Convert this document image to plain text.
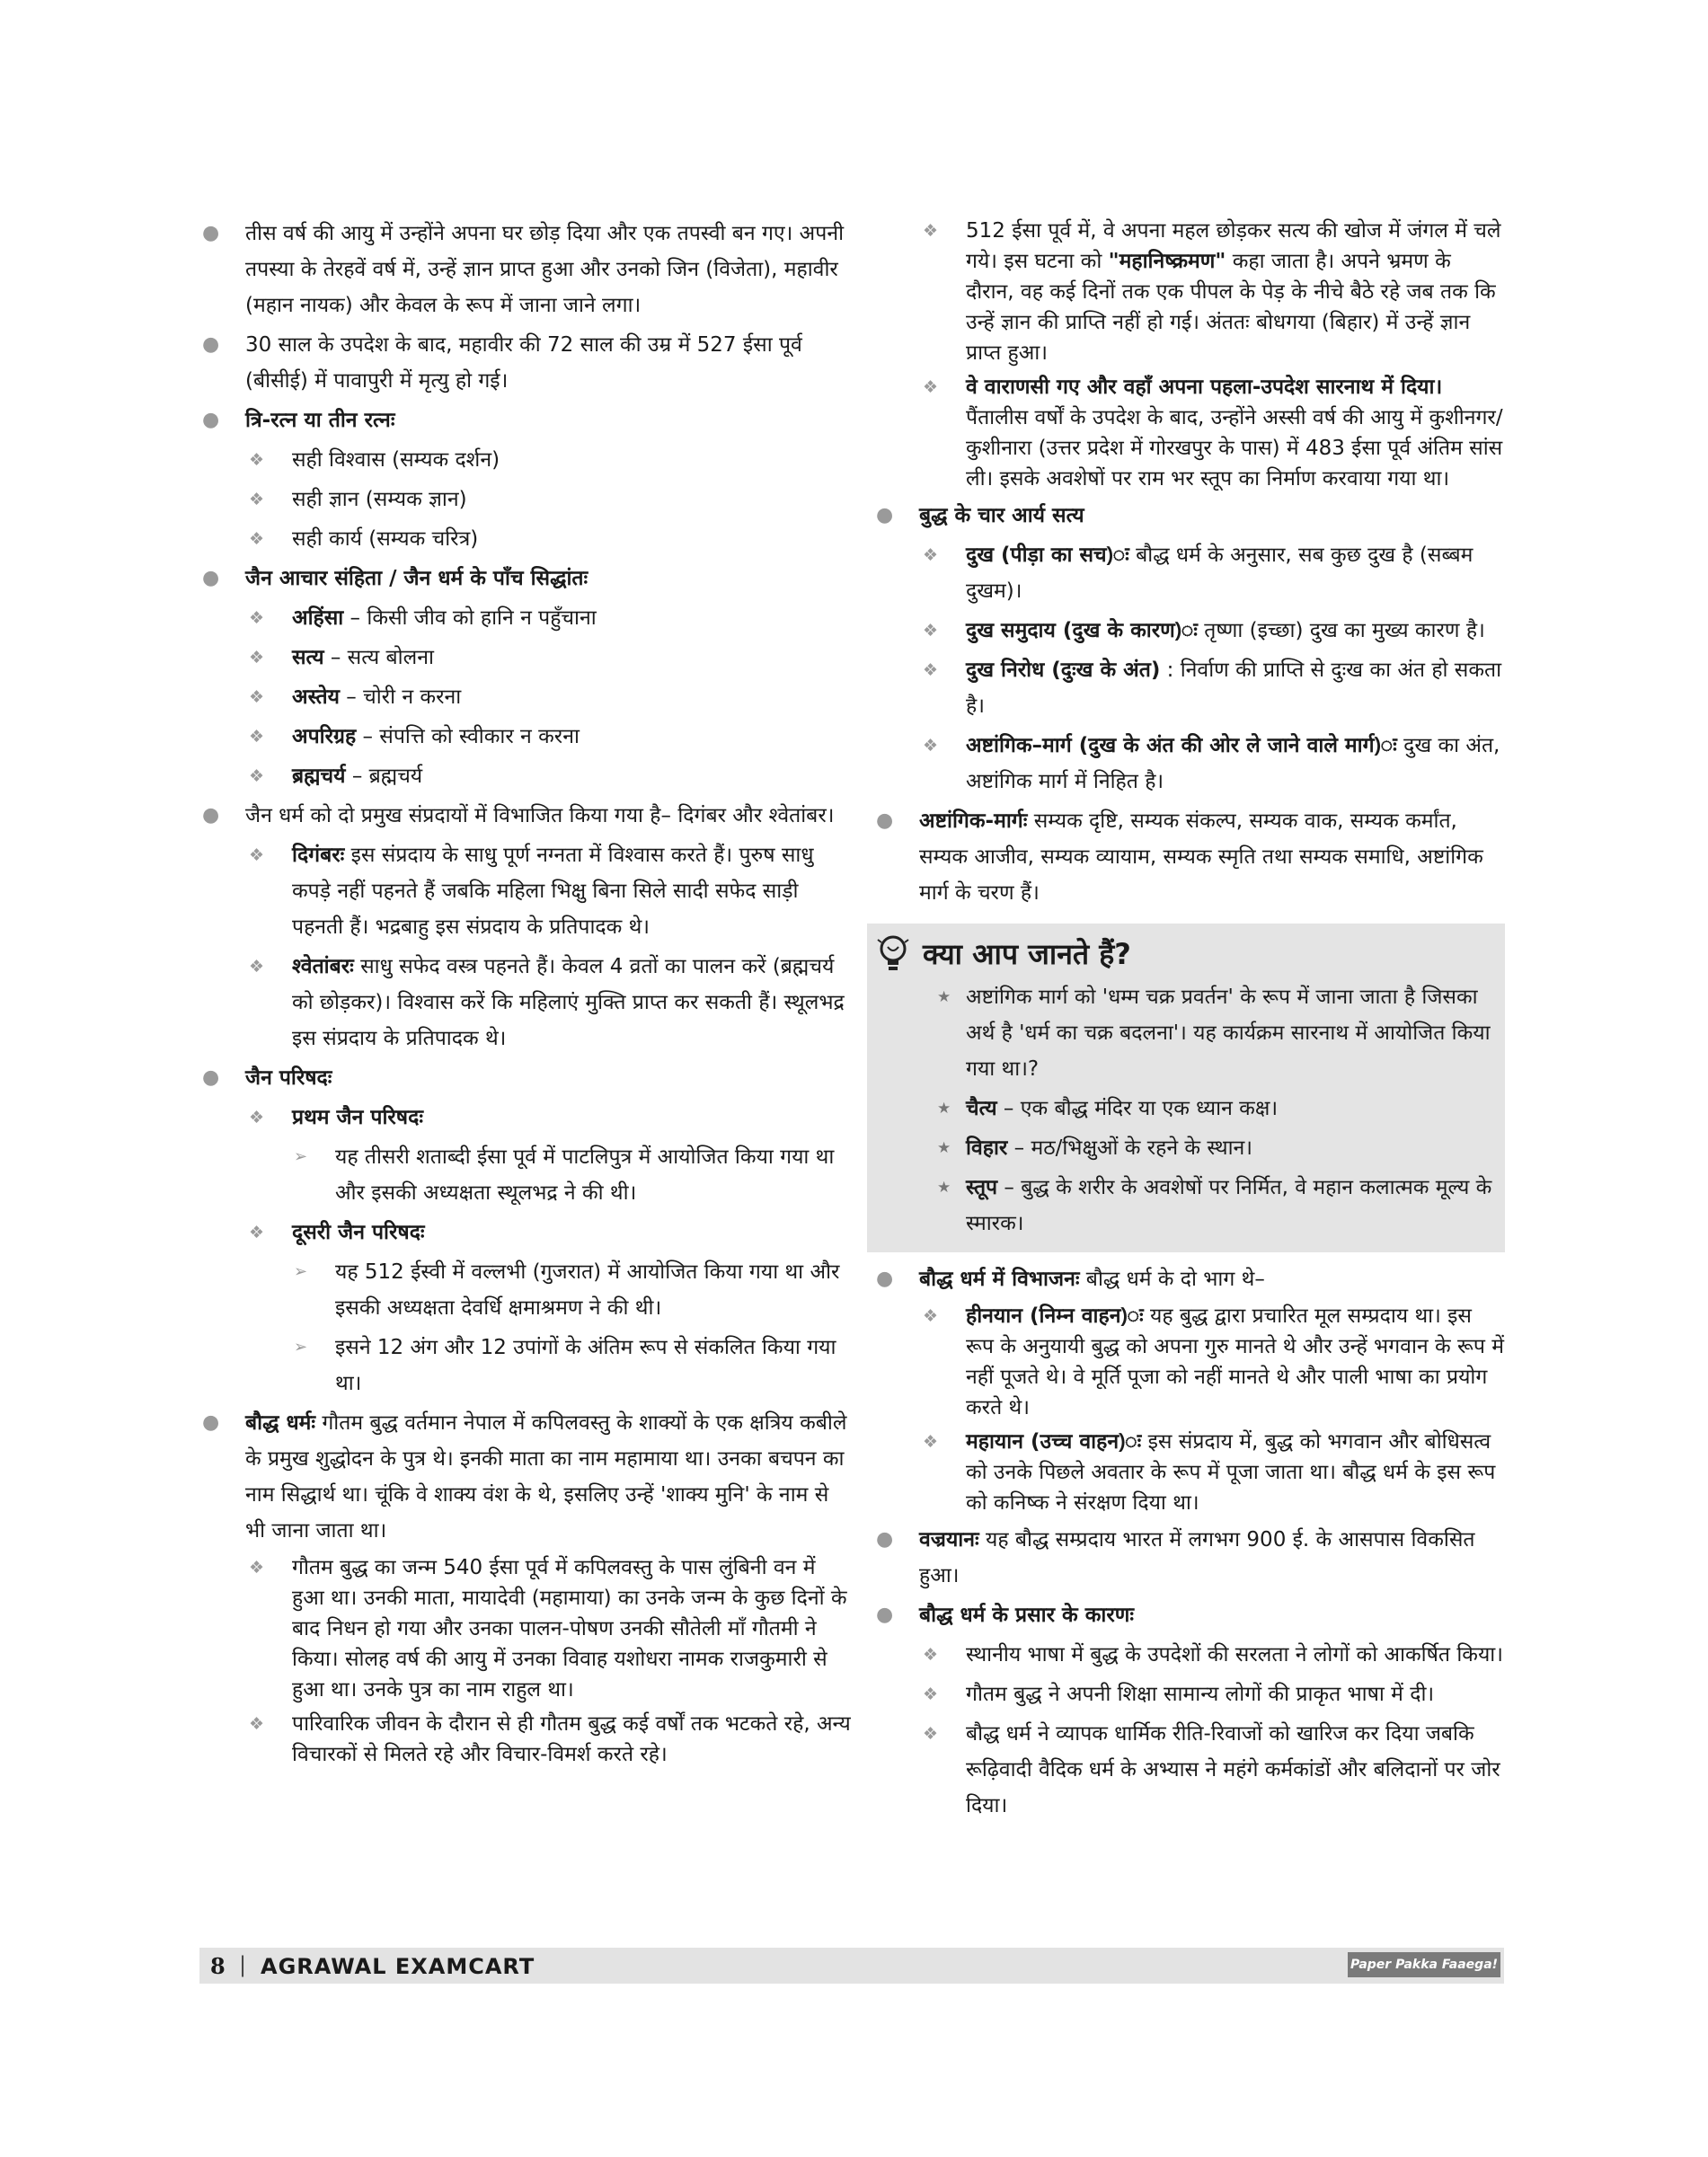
● तीस वर्ष की आयु में उन्होंने अपना घर छोड़ दिया और एक तपस्वी बन गए। अपनी तपस्या के तेरहवें वर्ष में, उन्हें ज्ञान प्राप्त हुआ और उनको जिन (विजेता), महावीर (महान नायक) और केवल के रूप में जाना जाने लगा।

● 30 साल के उपदेश के बाद, महावीर की 72 साल की उम्र में 527 ईसा पूर्व (बीसीई) में पावापुरी में मृत्यु हो गई।

● त्रि-रत्न या तीन रत्नः

❖ सही विश्वास (सम्यक दर्शन)

❖ सही ज्ञान (सम्यक ज्ञान)

❖ सही कार्य (सम्यक चरित्र)

● जैन आचार संहिता / जैन धर्म के पाँच सिद्धांतः

❖ अहिंसा – किसी जीव को हानि न पहुँचाना

❖ सत्य – सत्य बोलना

❖ अस्तेय – चोरी न करना

❖ अपरिग्रह – संपत्ति को स्वीकार न करना

❖ ब्रह्मचर्य – ब्रह्मचर्य

● जैन धर्म को दो प्रमुख संप्रदायों में विभाजित किया गया है– दिगंबर और श्वेतांबर।

❖ दिगंबरः इस संप्रदाय के साधु पूर्ण नग्नता में विश्वास करते हैं। पुरुष साधु कपड़े नहीं पहनते हैं जबकि महिला भिक्षु बिना सिले सादी सफेद साड़ी पहनती हैं। भद्रबाहु इस संप्रदाय के प्रतिपादक थे।

❖ श्वेतांबरः साधु सफेद वस्त्र पहनते हैं। केवल 4 व्रतों का पालन करें (ब्रह्मचर्य को छोड़कर)। विश्वास करें कि महिलाएं मुक्ति प्राप्त कर सकती हैं। स्थूलभद्र इस संप्रदाय के प्रतिपादक थे।

● जैन परिषदः

❖ प्रथम जैन परिषदः

➢ यह तीसरी शताब्दी ईसा पूर्व में पाटलिपुत्र में आयोजित किया गया था और इसकी अध्यक्षता स्थूलभद्र ने की थी।

❖ दूसरी जैन परिषदः

➢ यह 512 ईस्वी में वल्लभी (गुजरात) में आयोजित किया गया था और इसकी अध्यक्षता देवर्धि क्षमाश्रमण ने की थी।

➢ इसने 12 अंग और 12 उपांगों के अंतिम रूप से संकलित किया गया था।

● बौद्ध धर्मः गौतम बुद्ध वर्तमान नेपाल में कपिलवस्तु के शाक्यों के एक क्षत्रिय कबीले के प्रमुख शुद्धोदन के पुत्र थे। इनकी माता का नाम महामाया था। उनका बचपन का नाम सिद्धार्थ था। चूंकि वे शाक्य वंश के थे, इसलिए उन्हें 'शाक्य मुनि' के नाम से भी जाना जाता था।

❖ गौतम बुद्ध का जन्म 540 ईसा पूर्व में कपिलवस्तु के पास लुंबिनी वन में हुआ था। उनकी माता, मायादेवी (महामाया) का उनके जन्म के कुछ दिनों के बाद निधन हो गया और उनका पालन-पोषण उनकी सौतेली माँ गौतमी ने किया। सोलह वर्ष की आयु में उनका विवाह यशोधरा नामक राजकुमारी से हुआ था। उनके पुत्र का नाम राहुल था।

❖ पारिवारिक जीवन के दौरान से ही गौतम बुद्ध कई वर्षों तक भटकते रहे, अन्य विचारकों से मिलते रहे और विचार-विमर्श करते रहे।

❖ 512 ईसा पूर्व में, वे अपना महल छोड़कर सत्य की खोज में जंगल में चले गये। इस घटना को "महानिष्क्रमण" कहा जाता है। अपने भ्रमण के दौरान, वह कई दिनों तक एक पीपल के पेड़ के नीचे बैठे रहे जब तक कि उन्हें ज्ञान की प्राप्ति नहीं हो गई। अंततः बोधगया (बिहार) में उन्हें ज्ञान प्राप्त हुआ।

❖ वे वाराणसी गए और वहाँ अपना पहला-उपदेश सारनाथ में दिया। पैंतालीस वर्षों के उपदेश के बाद, उन्होंने अस्सी वर्ष की आयु में कुशीनगर/कुशीनारा (उत्तर प्रदेश में गोरखपुर के पास) में 483 ईसा पूर्व अंतिम सांस ली। इसके अवशेषों पर राम भर स्तूप का निर्माण करवाया गया था।

● बुद्ध के चार आर्य सत्य

❖ दुख (पीड़ा का सच)ः बौद्ध धर्म के अनुसार, सब कुछ दुख है (सब्बम दुखम)।

❖ दुख समुदाय (दुख के कारण)ः तृष्णा (इच्छा) दुख का मुख्य कारण है।

❖ दुख निरोध (दुःख के अंत) : निर्वाण की प्राप्ति से दुःख का अंत हो सकता है।

❖ अष्टांगिक–मार्ग (दुख के अंत की ओर ले जाने वाले मार्ग)ः दुख का अंत, अष्टांगिक मार्ग में निहित है।

● अष्टांगिक-मार्गः सम्यक दृष्टि, सम्यक संकल्प, सम्यक वाक, सम्यक कर्मांत, सम्यक आजीव, सम्यक व्यायाम, सम्यक स्मृति तथा सम्यक समाधि, अष्टांगिक मार्ग के चरण हैं।

क्या आप जानते हैं?

★ अष्टांगिक मार्ग को 'धम्म चक्र प्रवर्तन' के रूप में जाना जाता है जिसका अर्थ है 'धर्म का चक्र बदलना'। यह कार्यक्रम सारनाथ में आयोजित किया गया था।?

★ चैत्य – एक बौद्ध मंदिर या एक ध्यान कक्ष।

★ विहार – मठ/भिक्षुओं के रहने के स्थान।

★ स्तूप – बुद्ध के शरीर के अवशेषों पर निर्मित, वे महान कलात्मक मूल्य के स्मारक।

● बौद्ध धर्म में विभाजनः बौद्ध धर्म के दो भाग थे–

❖ हीनयान (निम्न वाहन)ः यह बुद्ध द्वारा प्रचारित मूल सम्प्रदाय था। इस रूप के अनुयायी बुद्ध को अपना गुरु मानते थे और उन्हें भगवान के रूप में नहीं पूजते थे। वे मूर्ति पूजा को नहीं मानते थे और पाली भाषा का प्रयोग करते थे।

❖ महायान (उच्च वाहन)ः इस संप्रदाय में, बुद्ध को भगवान और बोधिसत्व को उनके पिछले अवतार के रूप में पूजा जाता था। बौद्ध धर्म के इस रूप को कनिष्क ने संरक्षण दिया था।

● वज्रयानः यह बौद्ध सम्प्रदाय भारत में लगभग 900 ई. के आसपास विकसित हुआ।

● बौद्ध धर्म के प्रसार के कारणः

❖ स्थानीय भाषा में बुद्ध के उपदेशों की सरलता ने लोगों को आकर्षित किया।

❖ गौतम बुद्ध ने अपनी शिक्षा सामान्य लोगों की प्राकृत भाषा में दी।

❖ बौद्ध धर्म ने व्यापक धार्मिक रीति-रिवाजों को खारिज कर दिया जबकि रूढ़िवादी वैदिक धर्म के अभ्यास ने महंगे कर्मकांडों और बलिदानों पर जोर दिया।

8 | AGRAWAL EXAMCART	Paper Pakka Faaega!
